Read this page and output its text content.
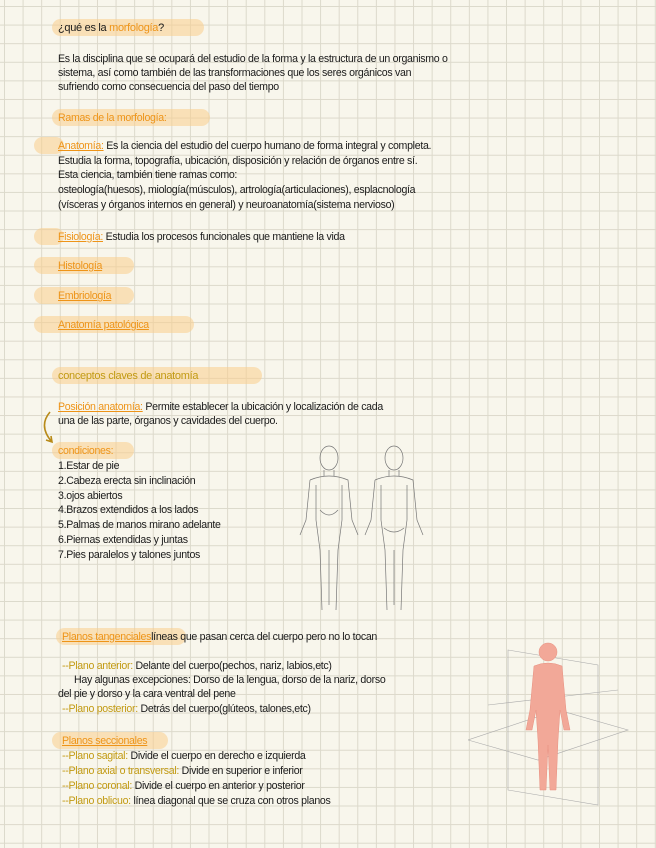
¿qué es la morfología?
Es la disciplina que se ocupará del estudio de la forma y la estructura de un organismo o
sistema, así como también de las transformaciones que los seres orgánicos van
sufriendo como consecuencia del paso del tiempo
Ramas de la morfología:
Anatomía: Es la ciencia del estudio del cuerpo humano de forma integral y completa.
Estudia la forma, topografía, ubicación, disposición y relación de órganos entre sí.
Esta ciencia, también tiene ramas como:
osteología(huesos), miología(músculos), artrología(articulaciones), esplacnología
(vísceras y órganos internos en general) y neuroanatomía(sistema nervioso)
Fisiología: Estudia los procesos funcionales que mantiene la vida
Histología
Embriología
Anatomía patológica
conceptos claves de anatomía
Posición anatomía: Permite establecer la ubicación y localización de cada
una de las parte, órganos y cavidades del cuerpo.
condiciones:
1.Estar de pie
2.Cabeza erecta sin inclinación
3.ojos abiertos
4.Brazos extendidos a los lados
5.Palmas de manos mirano adelante
6.Piernas extendidas y juntas
7.Pies paralelos y talones juntos
Planos tangencialeslíneas que pasan cerca del cuerpo pero no lo tocan
--Plano anterior: Delante del cuerpo(pechos, nariz, labios,etc)
Hay algunas excepciones: Dorso de la lengua, dorso de la nariz, dorso
del pie y dorso y la cara ventral del pene
--Plano posterior: Detrás del cuerpo(glúteos, talones,etc)
Planos seccionales
--Plano sagital: Divide el cuerpo en derecho e izquierda
--Plano axial o transversal: Divide en superior e inferior
--Plano coronal: Divide el cuerpo en anterior y posterior
--Plano oblicuo: línea diagonal que se cruza con otros planos
